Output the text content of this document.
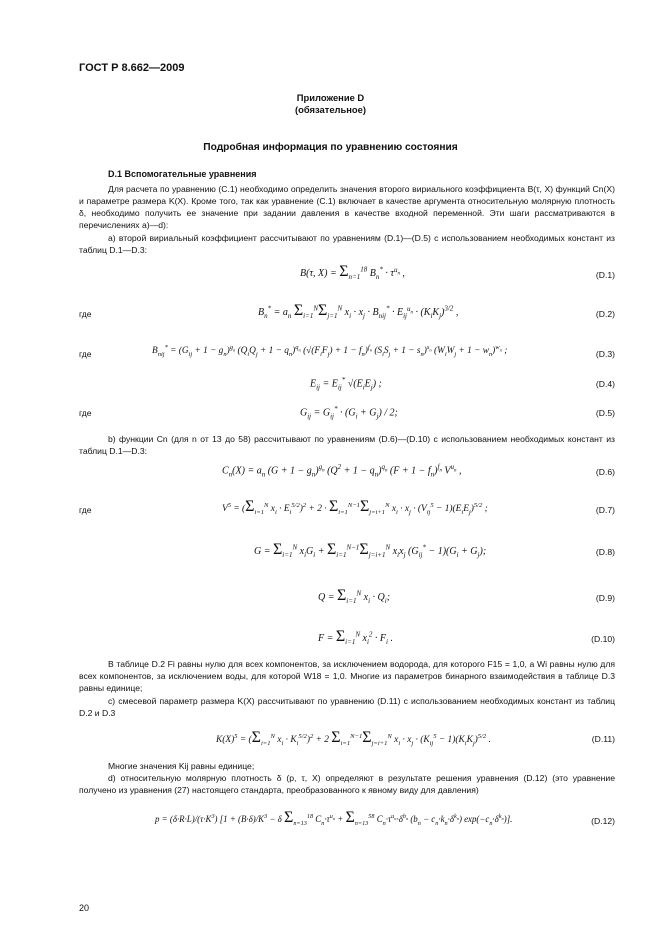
ГОСТ Р 8.662—2009
Приложение D
(обязательное)
Подробная информация по уравнению состояния
D.1 Вспомогательные уравнения
Для расчета по уравнению (С.1) необходимо определить значения второго вириального коэффициента B(τ, X) функций Cn(X) и параметре размера K(X). Кроме того, так как уравнение (С.1) включает в качестве аргумента относительную молярную плотность δ, необходимо получить ее значение при задании давления в качестве входной переменной. Эти шаги рассматриваются в перечислениях а)—d):
а) второй вириальный коэффициент рассчитывают по уравнениям (D.1)—(D.5) с использованием необходимых констант из таблиц D.1—D.3:
B(τ, $X) = \Sigma_{n=1}^{18}$ $B_n^* \cdot \tau^{u_n}$ ,	(D.1)
где	$B_n^* = a_n$ $\Sigma_{i=1}^N\Sigma_{j=1}^N$ $x_i \cdot x_j \cdot B_{nij}^* \cdot E_{ij}^{u_n} \cdot (K_iK_j)^{3/2}$ ,	(D.2)
где	$B_{nij}^* = (G_{ij} + 1 - g_n)^{g_n}$ $(Q_iQ_j + 1 - q_n)^{q_n}$ $(√(F_iF_j) + 1 - f_n)^{f_n}$ $(S_iS_j + 1 - s_n)^{s_n}$ $(W_iW_j + 1 - w_n)^{w_n}$ ;	(D.3)
$E_{ij} = E_{ij}^*$ $√(E_iE_j)$ ;	(D.4)
где	$G_{ij} = G_{ij}^* \cdot (G_i + G_j) / 2$;	(D.5)
b) функции Cn (для n от 13 до 58) рассчитывают по уравнениям (D.6)—(D.10) с использованием необходимых констант из таблиц D.1—D.3:
$C_n(X) = a_n$ $(G + 1 - g_n)^{g_n}$ $(Q^2 + 1 - q_n)^{q_n}$ $(F + 1 - f_n)^{f_n}$ $V^{u_n}$ ,	(D.6)
где	$V^5 = (\Sigma_{i=1}^N$ $x_i \cdot E_i^{5/2})^2 + 2 \cdot \Sigma_{i=1}^{N-1}\Sigma_{j=i+1}^N$ $x_i \cdot x_j \cdot (V_{ij}^5 - 1)(E_iE_j)^{5/2}$ ;	(D.7)
$G = \Sigma_{i=1}^N$ $x_iG_i + \Sigma_{i=1}^{N-1}\Sigma_{j=i+1}^N$ $x_ix_j$ $(G_{ij}^* - 1)(G_i + G_j)$;	(D.8)
$Q = \Sigma_{i=1}^N$ $x_i \cdot Q_i$;	(D.9)
$F = \Sigma_{i=1}^N$ $x_i^2 \cdot F_i$ .	(D.10)
В таблице D.2 Fi равны нулю для всех компонентов, за исключением водорода, для которого F15 = 1,0, а Wi равны нулю для всех компонентов, за исключением воды, для которой W18 = 1,0. Многие из параметров бинарного взаимодействия в таблице D.3 равны единице;
с) смесевой параметр размера K(X) рассчитывают по уравнению (D.11) с использованием необходимых констант из таблиц D.2 и D.3
$K(X)^5 = (\Sigma_{i=1}^N$ $x_i \cdot K_i^{5/2})^2 + 2$ $\Sigma_{i=1}^{N-1}\Sigma_{j=i+1}^N$ $x_i \cdot x_j \cdot (K_{ij}^5 - 1)(K_iK_j)^{5/2}$ .	(D.11)
Многие значения Kij равны единице;
d) относительную молярную плотность δ (p, τ, X) определяют в результате решения уравнения (D.12) (это уравнение получено из уравнения (27) настоящего стандарта, преобразованного к явному виду для давления)
$p = (\delta\cdot R\cdot L)/(\tau\cdot K^3) [1 + (B\cdot\delta)/K^3 - \delta$ $\Sigma_{n=13}^{18}$ $C_n\cdot\tau^{u_n} + \Sigma_{n=13}^{58}$ $C_n\cdot\tau^{u_n}\cdot\delta^{b_n}$ $(b_n - c_n\cdot k_n\cdot\delta^{k_n})$ $\exp(-c_n\cdot\delta^{k_n})$].	(D.12)
20
